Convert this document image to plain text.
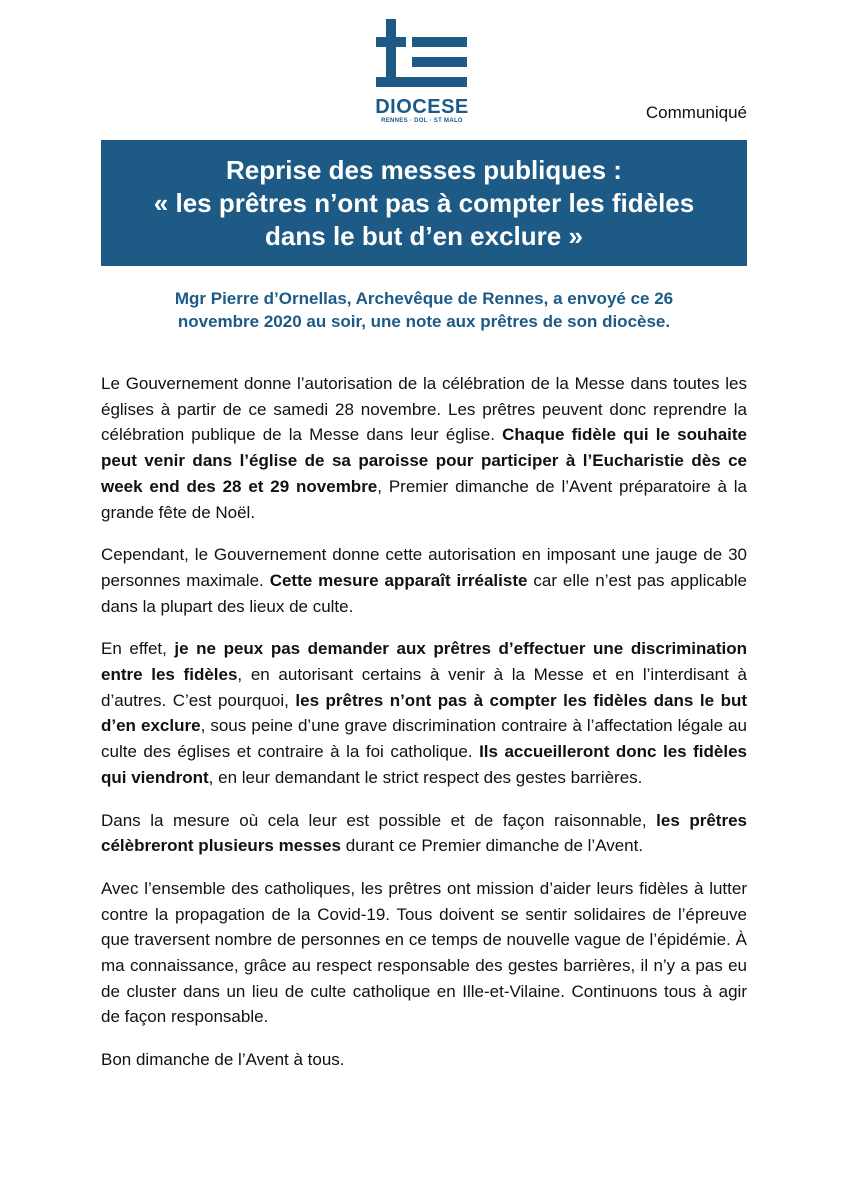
DIOCESE
RENNES · DOL · ST MALO	Communiqué
Reprise des messes publiques :
« les prêtres n’ont pas à compter les fidèles
dans le but d’en exclure »
Mgr Pierre d’Ornellas, Archevêque de Rennes, a envoyé ce 26
novembre 2020 au soir, une note aux prêtres de son diocèse.

Le Gouvernement donne l’autorisation de la célébration de la Messe dans toutes les églises à partir de ce samedi 28 novembre. Les prêtres peuvent donc reprendre la célébration publique de la Messe dans leur église. Chaque fidèle qui le souhaite peut venir dans l’église de sa paroisse pour participer à l’Eucharistie dès ce week end des 28 et 29 novembre, Premier dimanche de l’Avent préparatoire à la grande fête de Noël.

Cependant, le Gouvernement donne cette autorisation en imposant une jauge de 30 personnes maximale. Cette mesure apparaît irréaliste car elle n’est pas applicable dans la plupart des lieux de culte.

En effet, je ne peux pas demander aux prêtres d’effectuer une discrimination entre les fidèles, en autorisant certains à venir à la Messe et en l’interdisant à d’autres. C’est pourquoi, les prêtres n’ont pas à compter les fidèles dans le but d’en exclure, sous peine d’une grave discrimination contraire à l’affectation légale au culte des églises et contraire à la foi catholique. Ils accueilleront donc les fidèles qui viendront, en leur demandant le strict respect des gestes barrières.

Dans la mesure où cela leur est possible et de façon raisonnable, les prêtres célèbreront plusieurs messes durant ce Premier dimanche de l’Avent.

Avec l’ensemble des catholiques, les prêtres ont mission d’aider leurs fidèles à lutter contre la propagation de la Covid-19. Tous doivent se sentir solidaires de l’épreuve que traversent nombre de personnes en ce temps de nouvelle vague de l’épidémie. À ma connaissance, grâce au respect responsable des gestes barrières, il n’y a pas eu de cluster dans un lieu de culte catholique en Ille-et-Vilaine. Continuons tous à agir de façon responsable.

Bon dimanche de l’Avent à tous.
